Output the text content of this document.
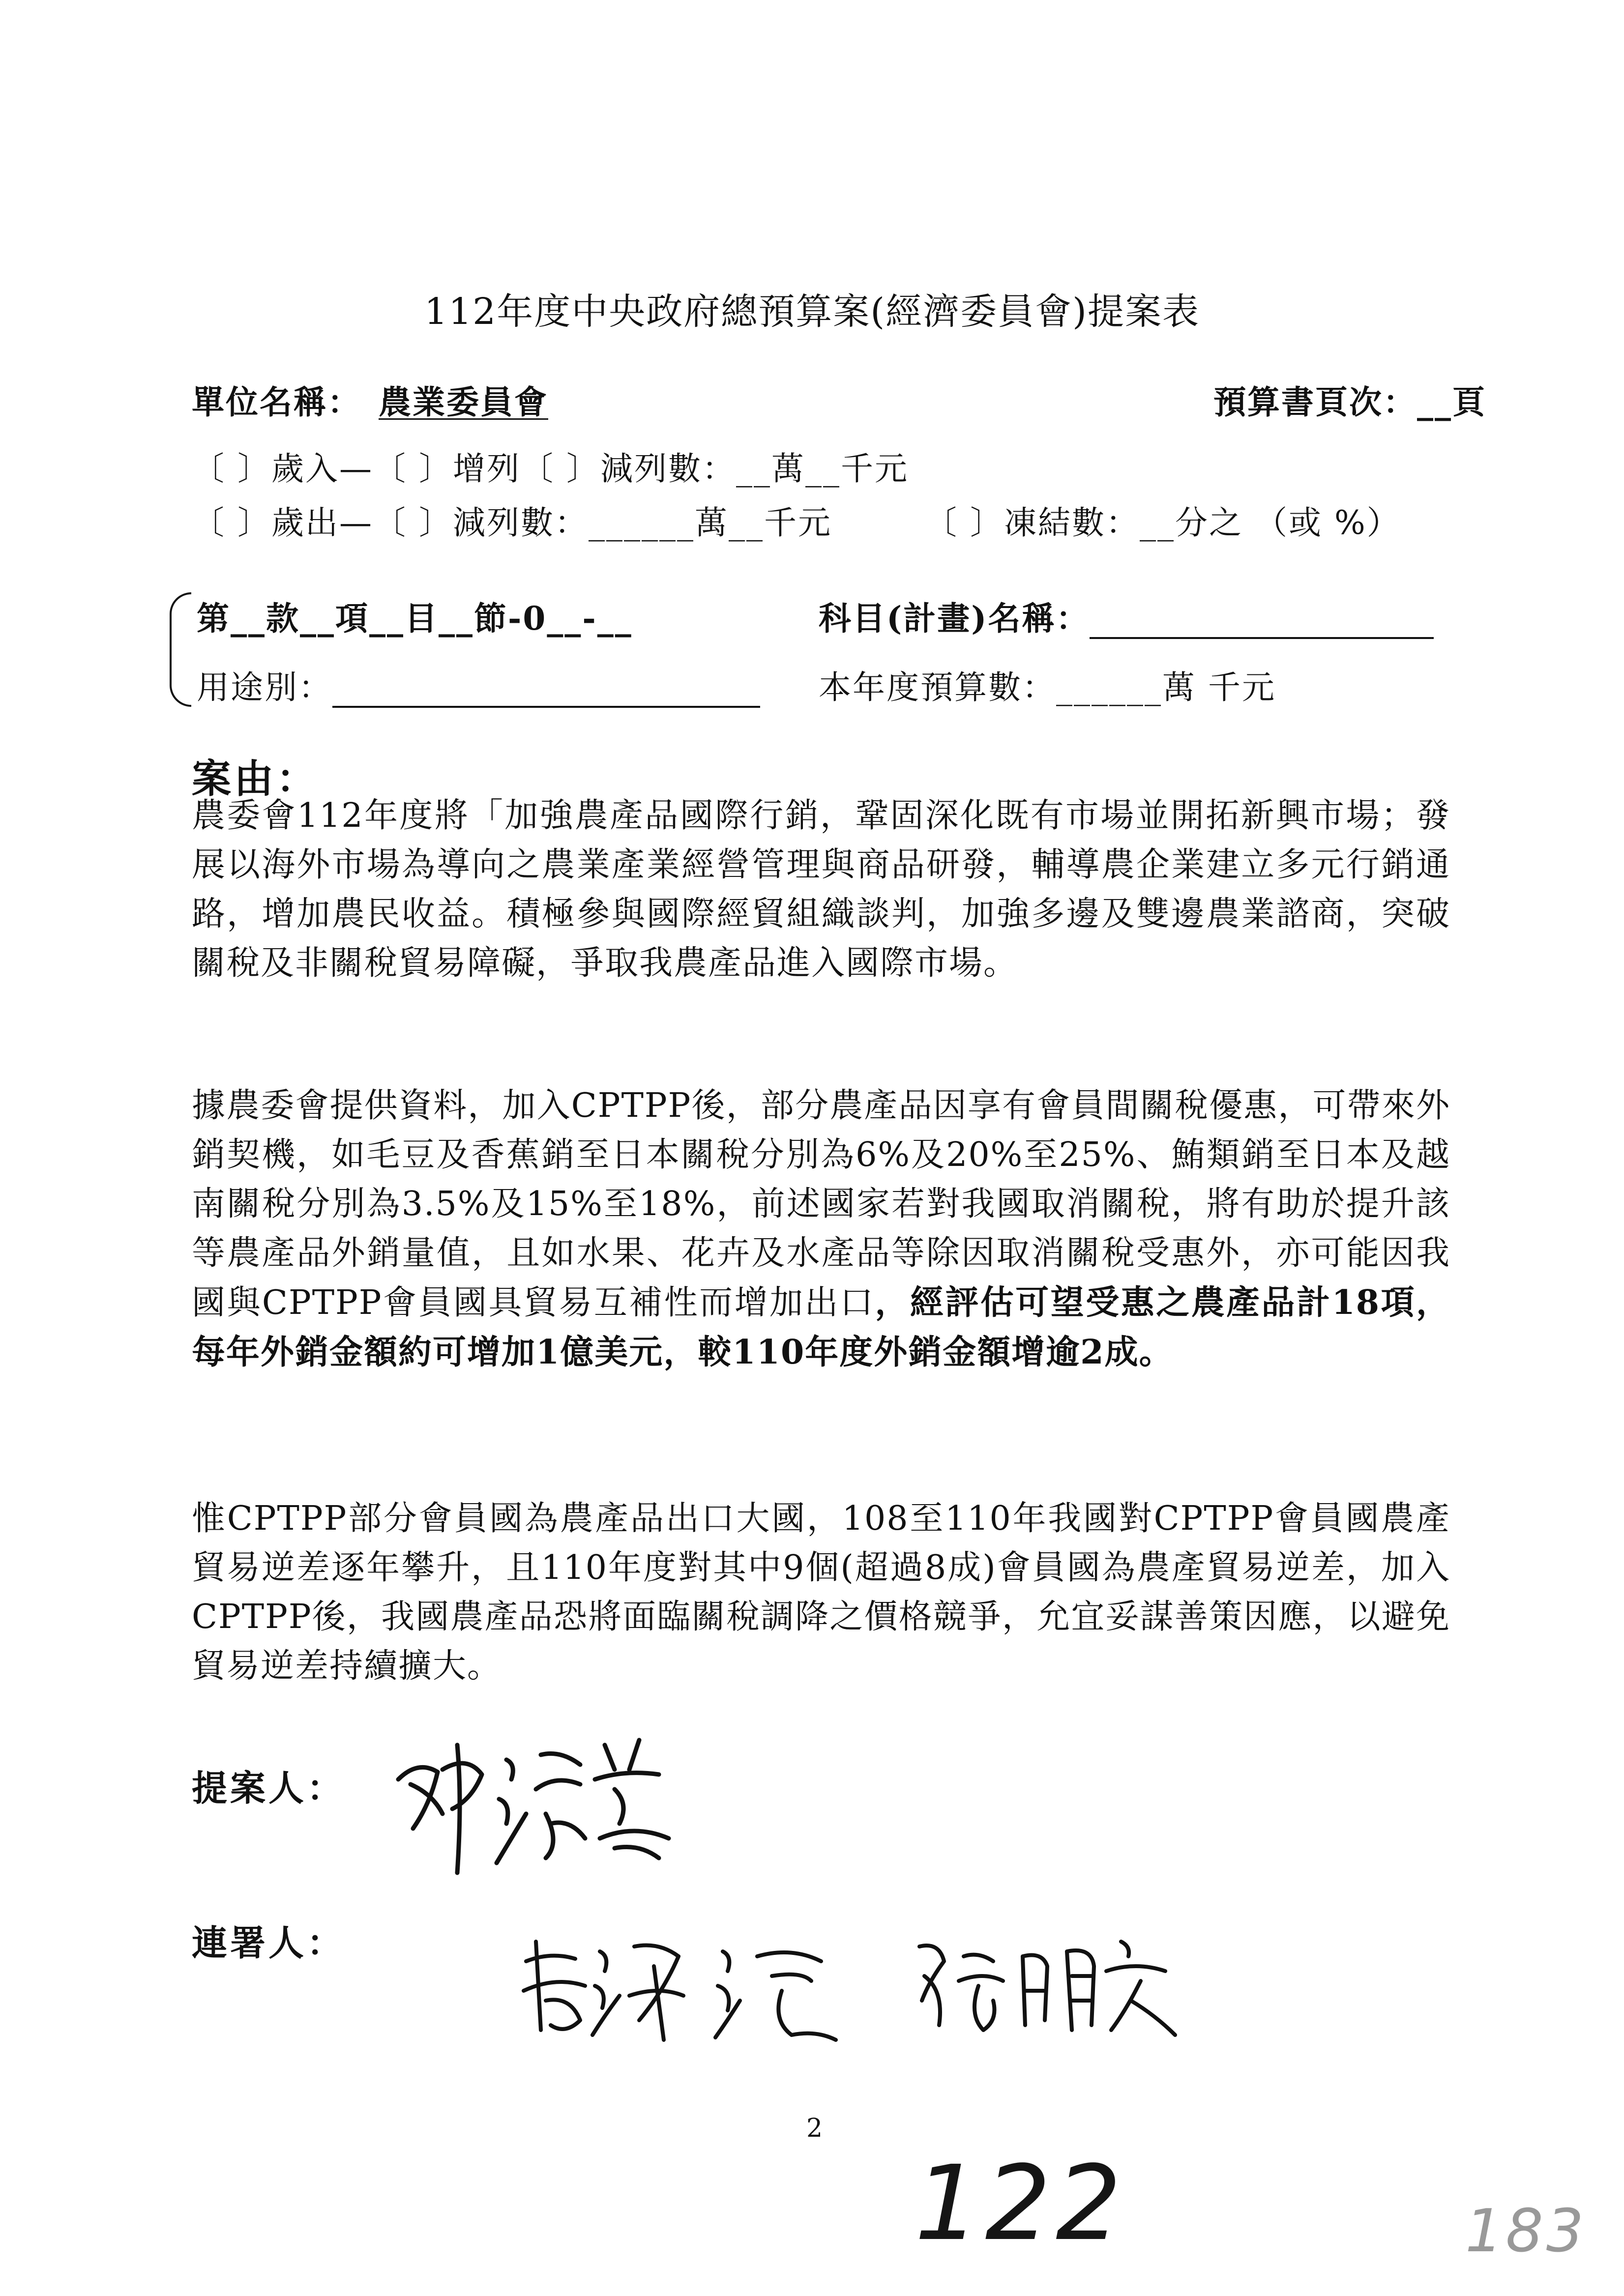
112年度中央政府總預算案(經濟委員會)提案表
單位名稱： 農業委員會	預算書頁次：__頁
〔 〕歲入—〔 〕增列〔 〕減列數：__萬__千元
〔 〕歲出—〔 〕減列數：______萬__千元	〔 〕凍結數：__分之 （或 %）
第__款__項__目__節-0__-__	科目(計畫)名稱：
用途別：	本年度預算數：______萬 千元
案由：
農委會112年度將「加強農產品國際行銷，鞏固深化既有市場並開拓新興市場；發展以海外市場為導向之農業產業經營管理與商品研發，輔導農企業建立多元行銷通路，增加農民收益。積極參與國際經貿組織談判，加強多邊及雙邊農業諮商，突破關稅及非關稅貿易障礙，爭取我農產品進入國際市場。
據農委會提供資料，加入CPTPP後，部分農產品因享有會員間關稅優惠，可帶來外銷契機，如毛豆及香蕉銷至日本關稅分別為6%及20%至25%、鮪類銷至日本及越南關稅分別為3.5%及15%至18%，前述國家若對我國取消關稅，將有助於提升該等農產品外銷量值，且如水果、花卉及水產品等除因取消關稅受惠外，亦可能因我國與CPTPP會員國具貿易互補性而增加出口，經評估可望受惠之農產品計18項，每年外銷金額約可增加1億美元，較110年度外銷金額增逾2成。
惟CPTPP部分會員國為農產品出口大國，108至110年我國對CPTPP會員國農產貿易逆差逐年攀升，且110年度對其中9個(超過8成)會員國為農產貿易逆差，加入CPTPP後，我國農產品恐將面臨關稅調降之價格競爭，允宜妥謀善策因應，以避免貿易逆差持續擴大。
提案人：
連署人：
2
122	183
